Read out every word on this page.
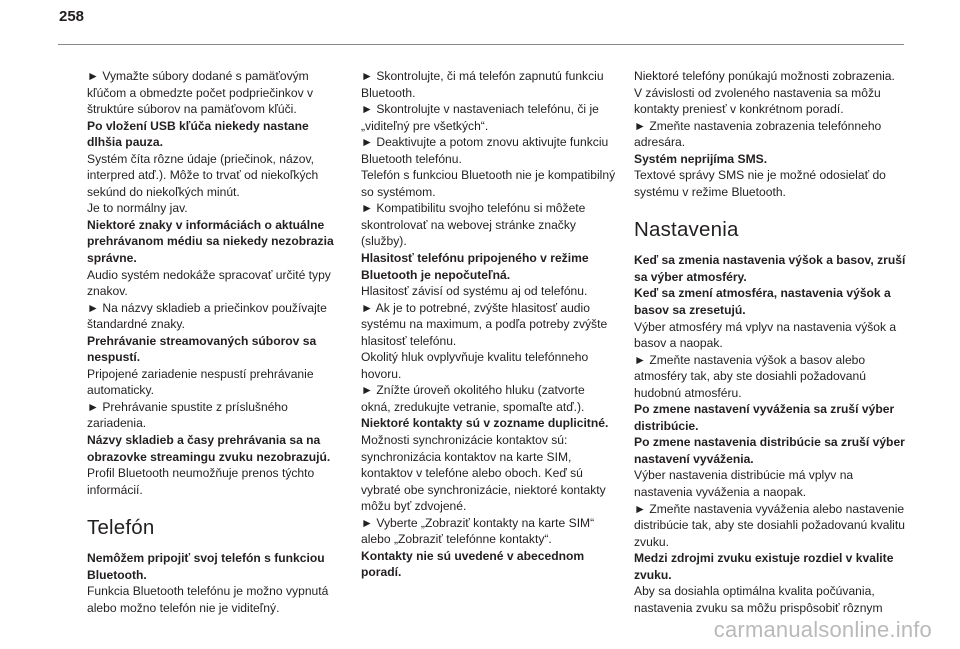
258
► Vymažte súbory dodané s pamäťovým kľúčom a obmedzte počet podpriečinkov v štruktúre súborov na pamäťovom kľúči.
Po vložení USB kľúča niekedy nastane dlhšia pauza.
Systém číta rôzne údaje (priečinok, názov, interpred atď.). Môže to trvať od niekoľkých sekúnd do niekoľkých minút.
Je to normálny jav.
Niektoré znaky v informáciách o aktuálne prehrávanom médiu sa niekedy nezobrazia správne.
Audio systém nedokáže spracovať určité typy znakov.
► Na názvy skladieb a priečinkov používajte štandardné znaky.
Prehrávanie streamovaných súborov sa nespustí.
Pripojené zariadenie nespustí prehrávanie automaticky.
► Prehrávanie spustite z príslušného zariadenia.
Názvy skladieb a časy prehrávania sa na obrazovke streamingu zvuku nezobrazujú.
Profil Bluetooth neumožňuje prenos týchto informácií.
Telefón
Nemôžem pripojiť svoj telefón s funkciou Bluetooth.
Funkcia Bluetooth telefónu je možno vypnutá alebo možno telefón nie je viditeľný.
► Skontrolujte, či má telefón zapnutú funkciu Bluetooth.
► Skontrolujte v nastaveniach telefónu, či je „viditeľný pre všetkých“.
► Deaktivujte a potom znovu aktivujte funkciu Bluetooth telefónu.
Telefón s funkciou Bluetooth nie je kompatibilný so systémom.
► Kompatibilitu svojho telefónu si môžete skontrolovať na webovej stránke značky (služby).
Hlasitosť telefónu pripojeného v režime Bluetooth je nepočuteľná.
Hlasitosť závisí od systému aj od telefónu.
► Ak je to potrebné, zvýšte hlasitosť audio systému na maximum, a podľa potreby zvýšte hlasitosť telefónu.
Okolitý hluk ovplyvňuje kvalitu telefónneho hovoru.
► Znížte úroveň okolitého hluku (zatvorte okná, zredukujte vetranie, spomaľte atď.).
Niektoré kontakty sú v zozname duplicitné.
Možnosti synchronizácie kontaktov sú: synchronizácia kontaktov na karte SIM, kontaktov v telefóne alebo oboch. Keď sú vybraté obe synchronizácie, niektoré kontakty môžu byť zdvojené.
► Vyberte „Zobraziť kontakty na karte SIM“ alebo „Zobraziť telefónne kontakty“.
Kontakty nie sú uvedené v abecednom poradí.
Niektoré telefóny ponúkajú možnosti zobrazenia. V závislosti od zvoleného nastavenia sa môžu kontakty preniesť v konkrétnom poradí.
► Zmeňte nastavenia zobrazenia telefónneho adresára.
Systém neprijíma SMS.
Textové správy SMS nie je možné odosielať do systému v režime Bluetooth.
Nastavenia
Keď sa zmenia nastavenia výšok a basov, zruší sa výber atmosféry.
Keď sa zmení atmosféra, nastavenia výšok a basov sa zresetujú.
Výber atmosféry má vplyv na nastavenia výšok a basov a naopak.
► Zmeňte nastavenia výšok a basov alebo atmosféry tak, aby ste dosiahli požadovanú hudobnú atmosféru.
Po zmene nastavení vyváženia sa zruší výber distribúcie.
Po zmene nastavenia distribúcie sa zruší výber nastavení vyváženia.
Výber nastavenia distribúcie má vplyv na nastavenia vyváženia a naopak.
► Zmeňte nastavenia vyváženia alebo nastavenie distribúcie tak, aby ste dosiahli požadovanú kvalitu zvuku.
Medzi zdrojmi zvuku existuje rozdiel v kvalite zvuku.
Aby sa dosiahla optimálna kvalita počúvania, nastavenia zvuku sa môžu prispôsobiť rôznym
carmanualsonline.info
